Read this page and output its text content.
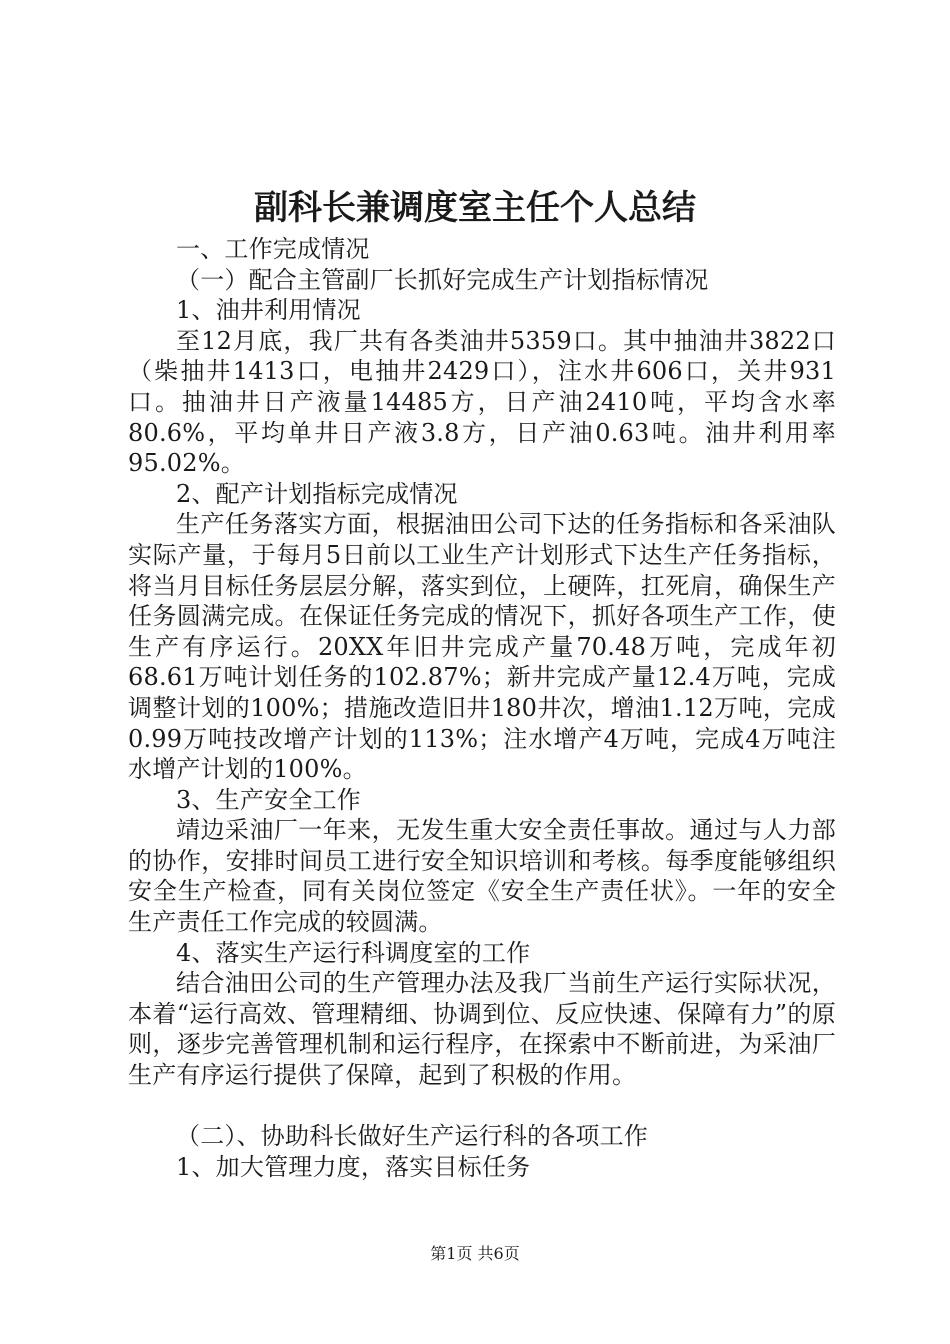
副科长兼调度室主任个人总结

一、工作完成情况

（一）配合主管副厂长抓好完成生产计划指标情况

1、油井利用情况

至12月底，我厂共有各类油井5359口。其中抽油井3822口（柴抽井1413口，电抽井2429口），注水井606口，关井931口。抽油井日产液量14485方，日产油2410吨，平均含水率80.6%，平均单井日产液3.8方，日产油0.63吨。油井利用率95.02%。

2、配产计划指标完成情况

生产任务落实方面，根据油田公司下达的任务指标和各采油队实际产量，于每月5日前以工业生产计划形式下达生产任务指标，将当月目标任务层层分解，落实到位，上硬阵，扛死肩，确保生产任务圆满完成。在保证任务完成的情况下，抓好各项生产工作，使生产有序运行。20XX年旧井完成产量70.48万吨，完成年初68.61万吨计划任务的102.87%；新井完成产量12.4万吨，完成调整计划的100%；措施改造旧井180井次，增油1.12万吨，完成0.99万吨技改增产计划的113%；注水增产4万吨，完成4万吨注水增产计划的100%。

3、生产安全工作

靖边采油厂一年来，无发生重大安全责任事故。通过与人力部的协作，安排时间员工进行安全知识培训和考核。每季度能够组织安全生产检查，同有关岗位签定《安全生产责任状》。一年的安全生产责任工作完成的较圆满。

4、落实生产运行科调度室的工作

结合油田公司的生产管理办法及我厂当前生产运行实际状况，本着“运行高效、管理精细、协调到位、反应快速、保障有力”的原则，逐步完善管理机制和运行程序，在探索中不断前进，为采油厂生产有序运行提供了保障，起到了积极的作用。

（二）、协助科长做好生产运行科的各项工作

1、加大管理力度，落实目标任务

第1页 共6页
